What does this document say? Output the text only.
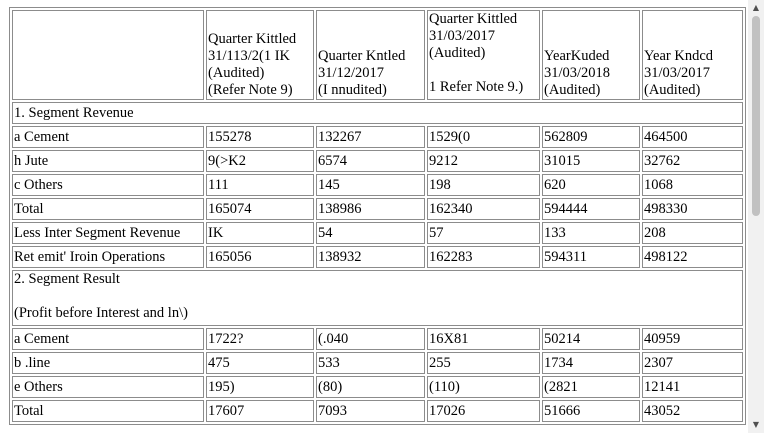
	Quarter Kittled
31/113/2(1 IK
(Audited)
(Refer Note 9)	Quarter Kntled
31/12/2017
(I nnudited)	Quarter Kittled
31/03/2017
(Audited)

1 Refer Note 9.)	YearKuded
31/03/2018
(Audited)	Year Kndcd
31/03/2017
(Audited)
1. Segment Revenue					
a Cement	155278	132267	1529(0	562809	464500
h Jute	9(>K2	6574	9212	31015	32762
c Others	111	145	198	620	1068
Total	165074	138986	162340	594444	498330
Less Inter Segment Revenue	IK	54	57	133	208
Ret emit' Iroin Operations	165056	138932	162283	594311	498122
2. Segment Result
(Profit before Interest and ln\)					
a Cement	1722?	(.040	16X81	50214	40959
b .line	475	533	255	1734	2307
e Others	195)	(80)	(110)	(2821	12141
Total	17607	7093	17026	51666	43052
▲
▼
